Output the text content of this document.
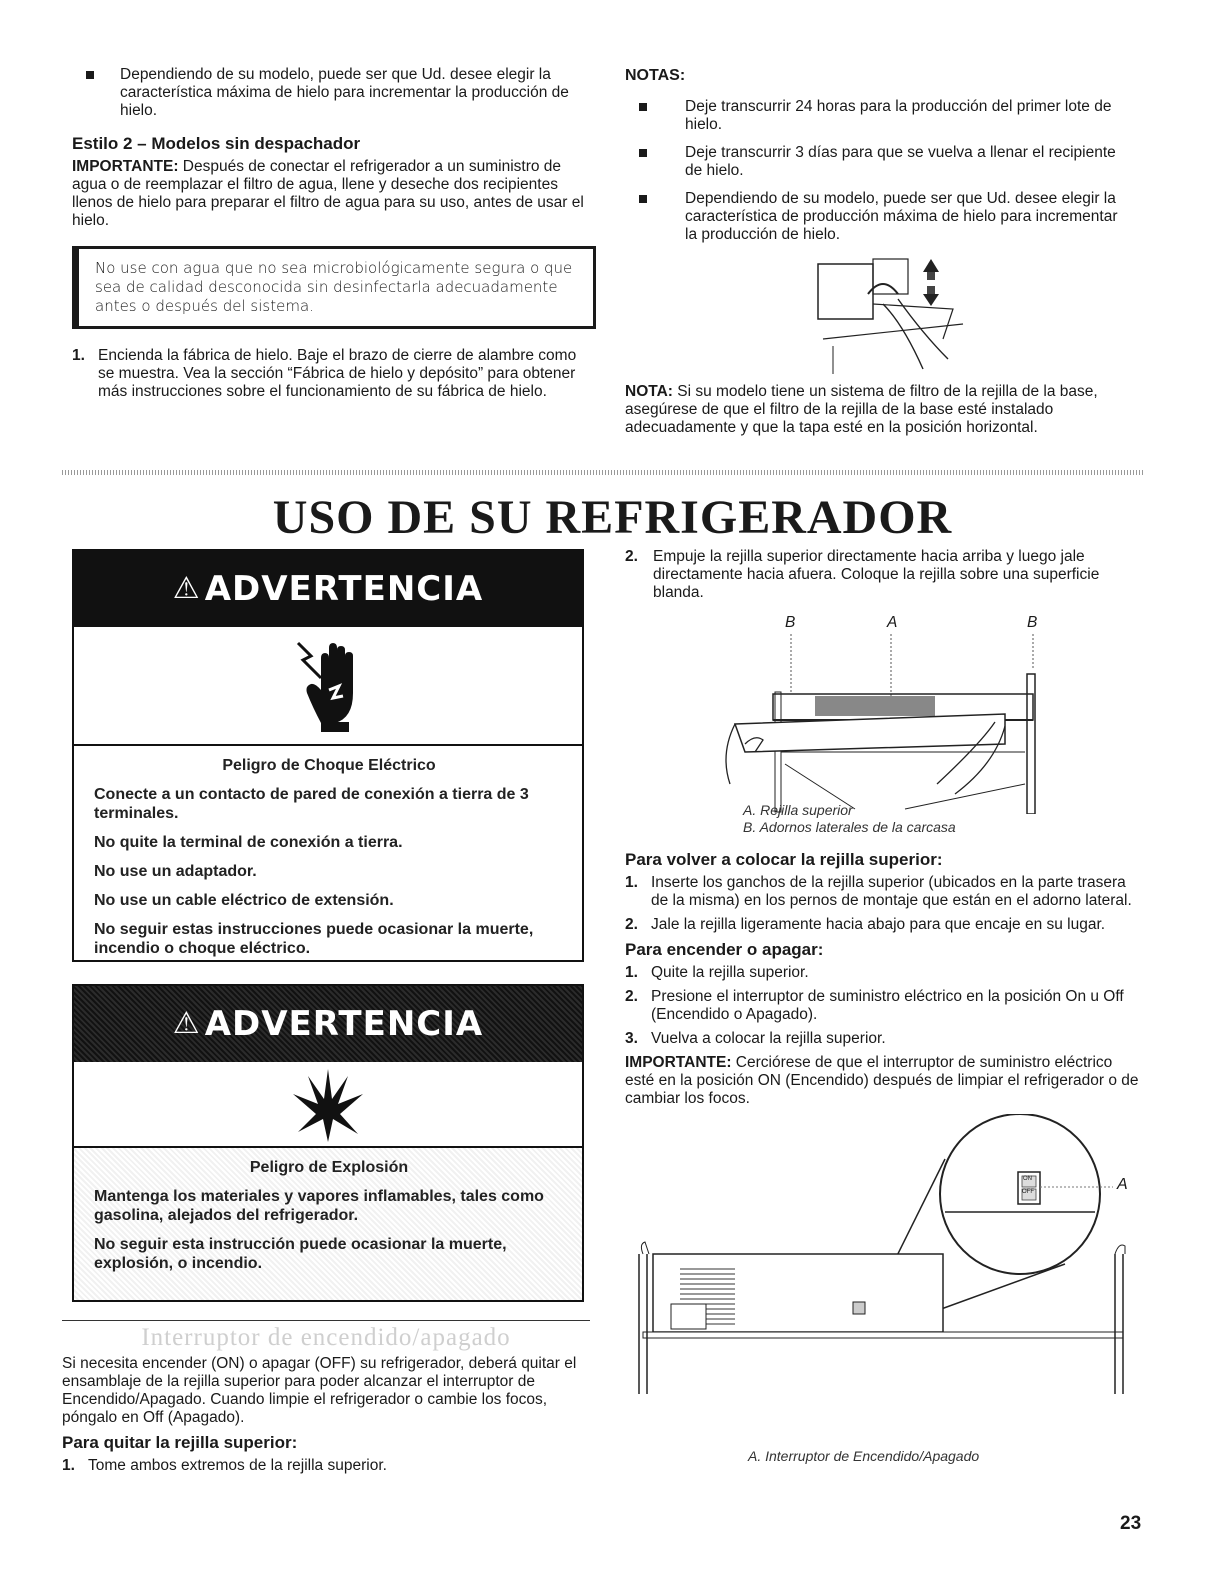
Dependiendo de su modelo, puede ser que Ud. desee elegir la característica máxima de hielo para incrementar la producción de hielo.
Estilo 2 – Modelos sin despachador

IMPORTANTE: Después de conectar el refrigerador a un suministro de agua o de reemplazar el filtro de agua, llene y deseche dos recipientes llenos de hielo para preparar el filtro de agua para su uso, antes de usar el hielo.

No use con agua que no sea microbiológicamente segura o que sea de calidad desconocida sin desinfectarla adecuadamente antes o después del sistema.
1. Encienda la fábrica de hielo. Baje el brazo de cierre de alambre como se muestra. Vea la sección “Fábrica de hielo y depósito” para obtener más instrucciones sobre el funcionamiento de su fábrica de hielo.
NOTAS:
Deje transcurrir 24 horas para la producción del primer lote de hielo.
Deje transcurrir 3 días para que se vuelva a llenar el recipiente de hielo.
Dependiendo de su modelo, puede ser que Ud. desee elegir la característica de producción máxima de hielo para incrementar la producción de hielo.

NOTA: Si su modelo tiene un sistema de filtro de la rejilla de la base, asegúrese de que el filtro de la rejilla de la base esté instalado adecuadamente y que la tapa esté en la posición horizontal.

USO DE SU REFRIGERADOR
⚠ ADVERTENCIA
Peligro de Choque Eléctrico
Conecte a un contacto de pared de conexión a tierra de 3 terminales.
No quite la terminal de conexión a tierra.
No use un adaptador.
No use un cable eléctrico de extensión.
No seguir estas instrucciones puede ocasionar la muerte, incendio o choque eléctrico.
⚠ ADVERTENCIA
Peligro de Explosión
Mantenga los materiales y vapores inflamables, tales como gasolina, alejados del refrigerador.
No seguir esta instrucción puede ocasionar la muerte, explosión, o incendio.
Interruptor de encendido/apagado

Si necesita encender (ON) o apagar (OFF) su refrigerador, deberá quitar el ensamblaje de la rejilla superior para poder alcanzar el interruptor de Encendido/Apagado. Cuando limpie el refrigerador o cambie los focos, póngalo en Off (Apagado).

Para quitar la rejilla superior:
1. Tome ambos extremos de la rejilla superior.
2. Empuje la rejilla superior directamente hacia arriba y luego jale directamente hacia afuera. Coloque la rejilla sobre una superficie blanda.
B	A	B
A. Rejilla superior
B. Adornos laterales de la carcasa
Para volver a colocar la rejilla superior:
1. Inserte los ganchos de la rejilla superior (ubicados en la parte trasera de la misma) en los pernos de montaje que están en el adorno lateral.
2. Jale la rejilla ligeramente hacia abajo para que encaje en su lugar.
Para encender o apagar:
1. Quite la rejilla superior.
2. Presione el interruptor de suministro eléctrico en la posición On u Off (Encendido o Apagado).
3. Vuelva a colocar la rejilla superior.

IMPORTANTE: Cerciórese de que el interruptor de suministro eléctrico esté en la posición ON (Encendido) después de limpiar el refrigerador o de cambiar los focos.

ON
OFF	A
A. Interruptor de Encendido/Apagado
23
